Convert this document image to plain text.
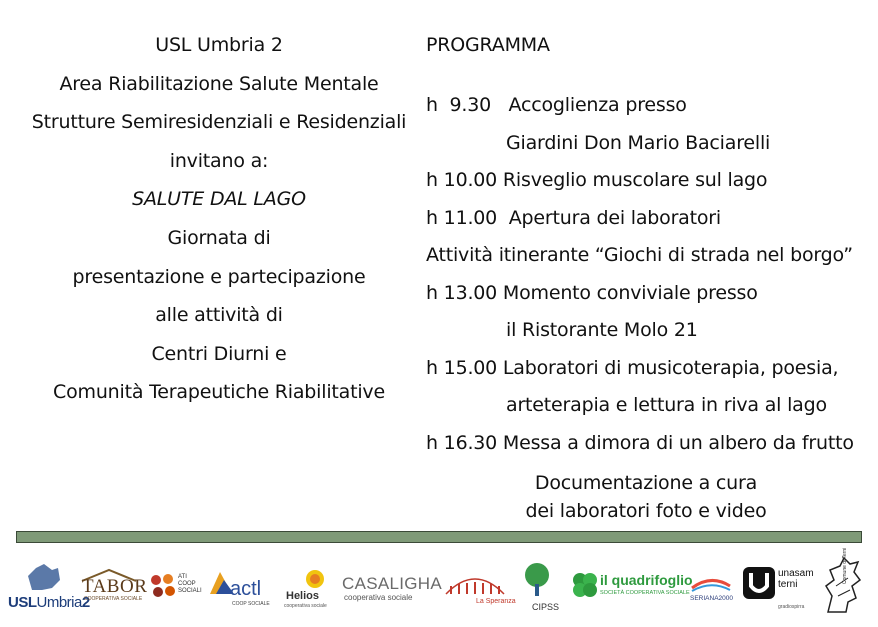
USL Umbria 2
Area Riabilitazione Salute Mentale
Strutture Semiresidenziali e Residenziali
invitano a:
SALUTE DAL LAGO
Giornata di
presentazione e partecipazione
alle attività di
Centri Diurni e
Comunità Terapeutiche Riabilitative
PROGRAMMA
h  9.30   Accoglienza presso
Giardini Don Mario Baciarelli
h 10.00 Risveglio muscolare sul lago
h 11.00  Apertura dei laboratori
Attività itinerante “Giochi di strada nel borgo”
h 13.00 Momento conviviale presso
il Ristorante Molo 21
h 15.00 Laboratori di musicoterapia, poesia,
arteterapia e lettura in riva al lago
h 16.30 Messa a dimora di un albero da frutto
Documentazione a cura
dei laboratori foto e video
USLUmbria2
TABOR
COOPERATIVA SOCIALE
ATI
COOP
SOCIALI actl
COOP SOCIALE
Helios
cooperativa sociale
CASALIGHA
cooperativa sociale	La Speranza
CIPSS
il quadrifoglio
SOCIETÀ COOPERATIVA SOCIALE
SERIANA2000
unasam
terni
gradiospirra
Comune di Terni
